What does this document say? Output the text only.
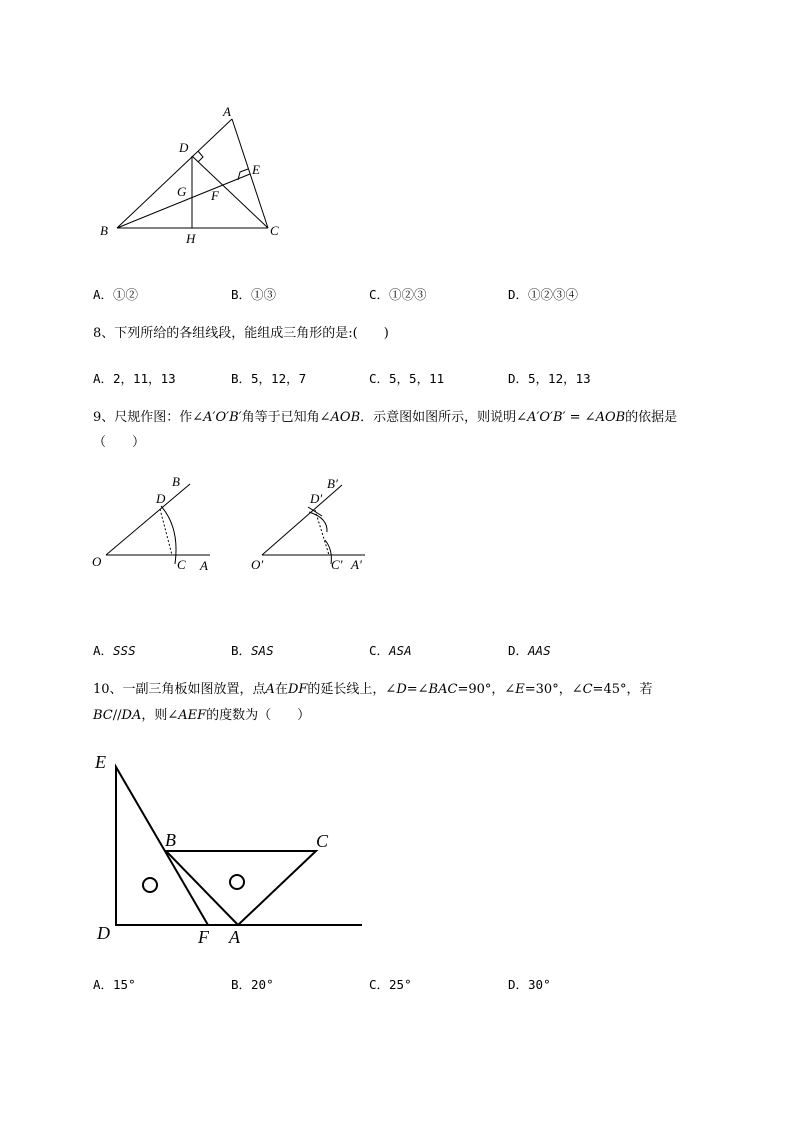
A
D
E
G F
B
H
C
A．①②	B．①③	C．①②③	D．①②③④
8、下列所给的各组线段，能组成三角形的是:(　　)
A．2，11，13	B．5，12，7	C．5，5，11	D．5，12，13
9、尺规作图：作∠A′O′B′角等于已知角∠AOB．示意图如图所示，则说明∠A′O′B′ = ∠AOB的依据是
（　　）
O	C A
D
B
O′	C′ A′
D′
B′
A．SSS	B．SAS	C．ASA	D．AAS
10、一副三角板如图放置，点A在DF的延长线上，∠D=∠BAC=90°，∠E=30°，∠C=45°，若
BC//DA，则∠AEF的度数为（　　）
E
B	C
D	F A
A．15°	B．20°	C．25°	D．30°
